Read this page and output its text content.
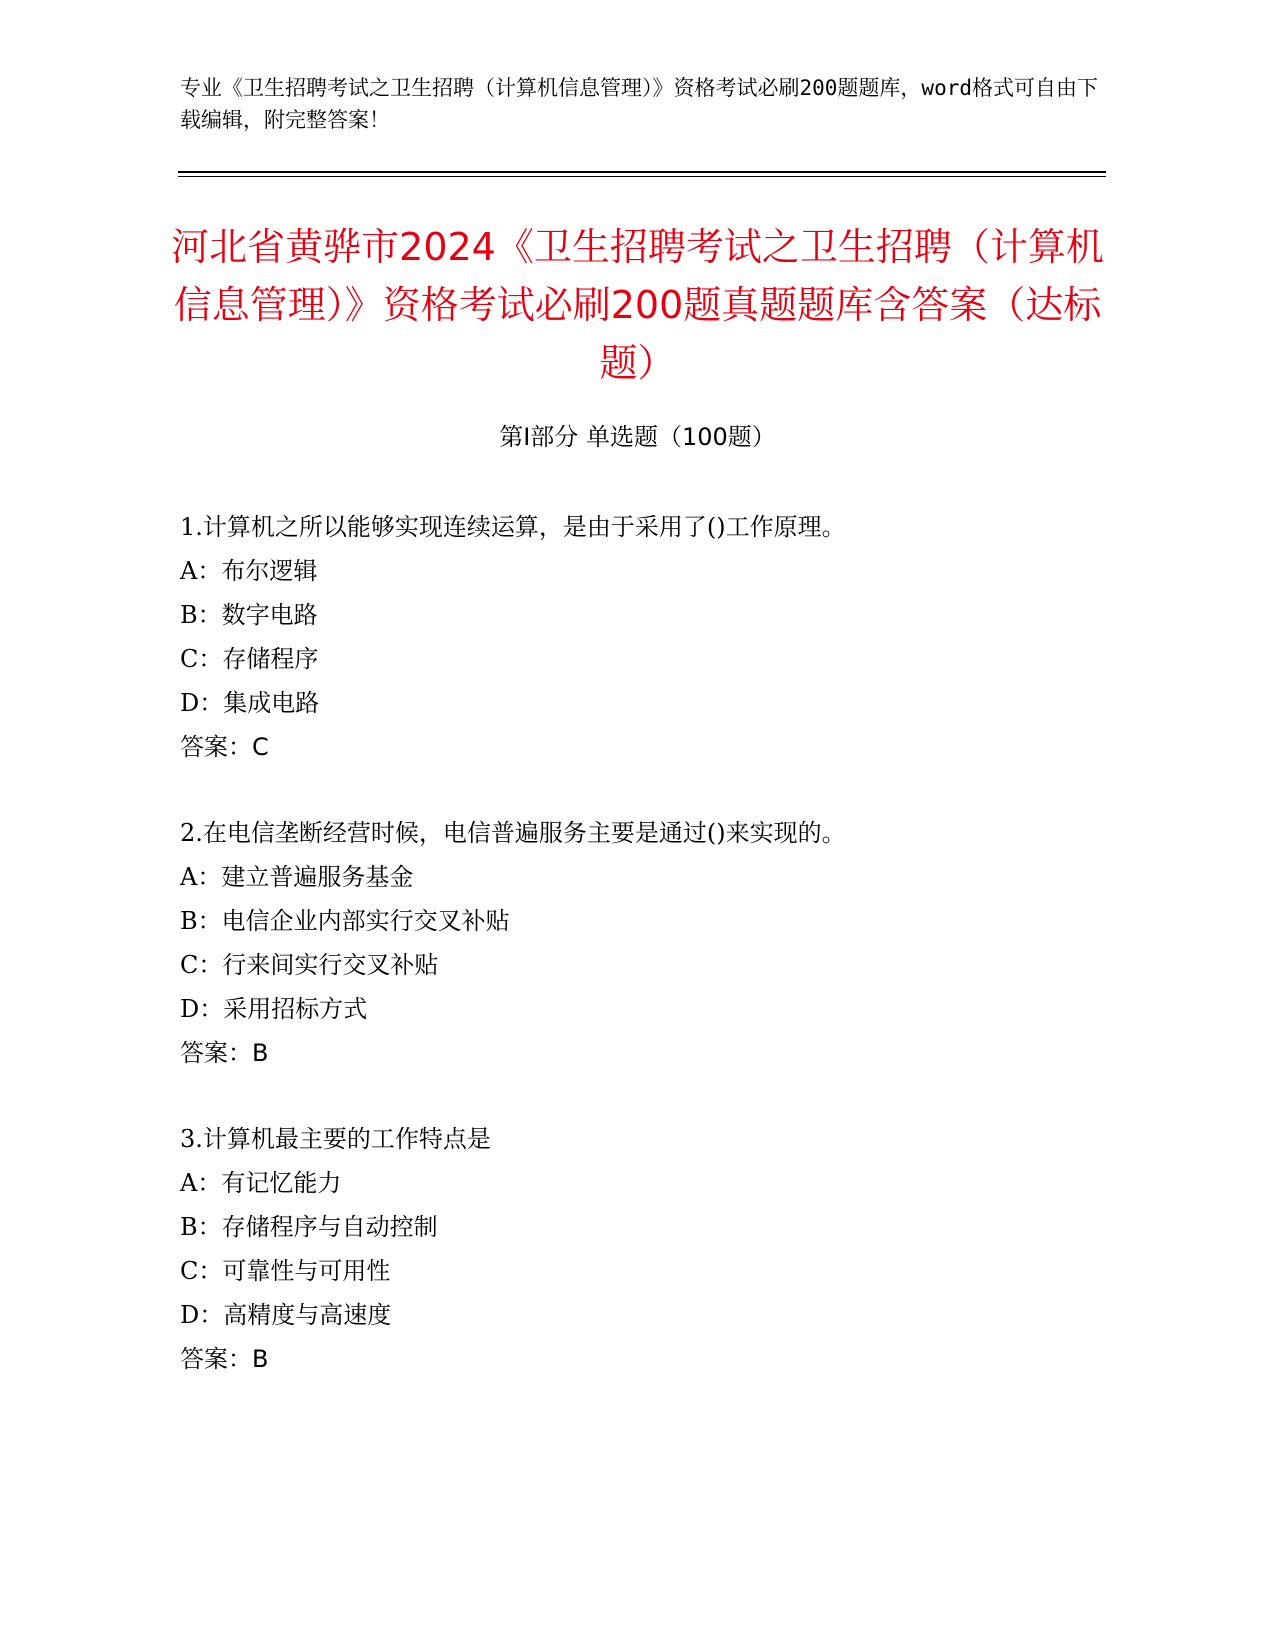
专业《卫生招聘考试之卫生招聘（计算机信息管理）》资格考试必刷200题题库，word格式可自由下载编辑，附完整答案！
河北省黄骅市2024《卫生招聘考试之卫生招聘（计算机信息管理）》资格考试必刷200题真题题库含答案（达标题）
第Ⅰ部分 单选题（100题）
1.计算机之所以能够实现连续运算，是由于采用了()工作原理。
A：布尔逻辑
B：数字电路
C：存储程序
D：集成电路
答案：C
2.在电信垄断经营时候，电信普遍服务主要是通过()来实现的。
A：建立普遍服务基金
B：电信企业内部实行交叉补贴
C：行来间实行交叉补贴
D：采用招标方式
答案：B
3.计算机最主要的工作特点是
A：有记忆能力
B：存储程序与自动控制
C：可靠性与可用性
D：高精度与高速度
答案：B
